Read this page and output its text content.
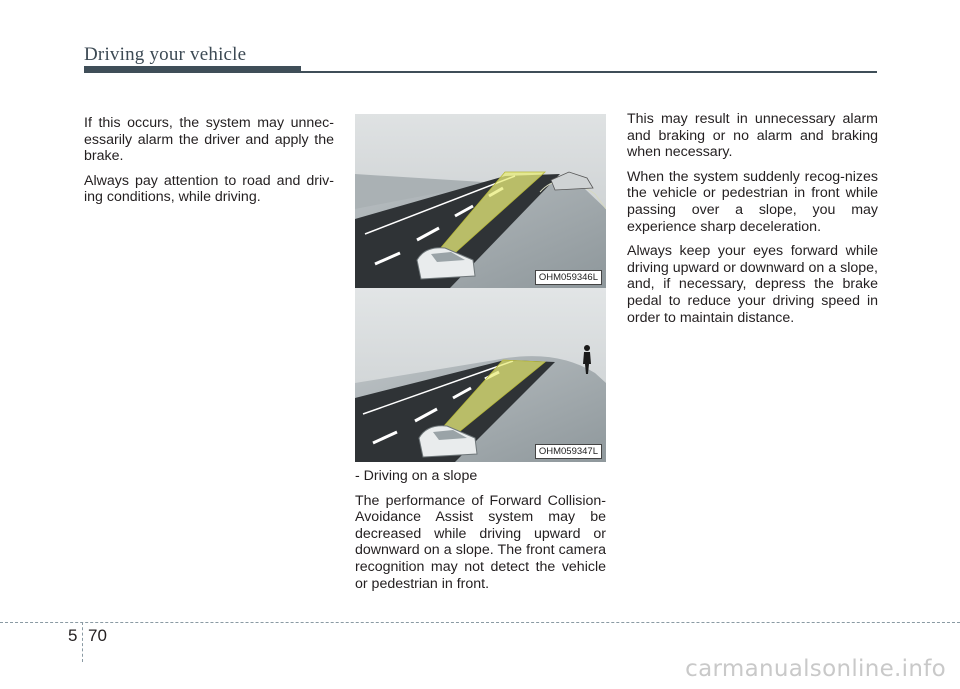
Driving your vehicle

If this occurs, the system may unnec-essarily alarm the driver and apply the brake.

Always pay attention to road and driv-ing conditions, while driving.

OHM059346L
OHM059347L

- Driving on a slope

The performance of Forward Collision-Avoidance Assist system may be decreased while driving upward or downward on a slope. The front camera recognition may not detect the vehicle or pedestrian in front.

This may result in unnecessary alarm and braking or no alarm and braking when necessary.

When the system suddenly recog-nizes the vehicle or pedestrian in front while passing over a slope, you may experience sharp deceleration.

Always keep your eyes forward while driving upward or downward on a slope, and, if necessary, depress the brake pedal to reduce your driving speed in order to maintain distance.

5 70
carmanualsonline.info
